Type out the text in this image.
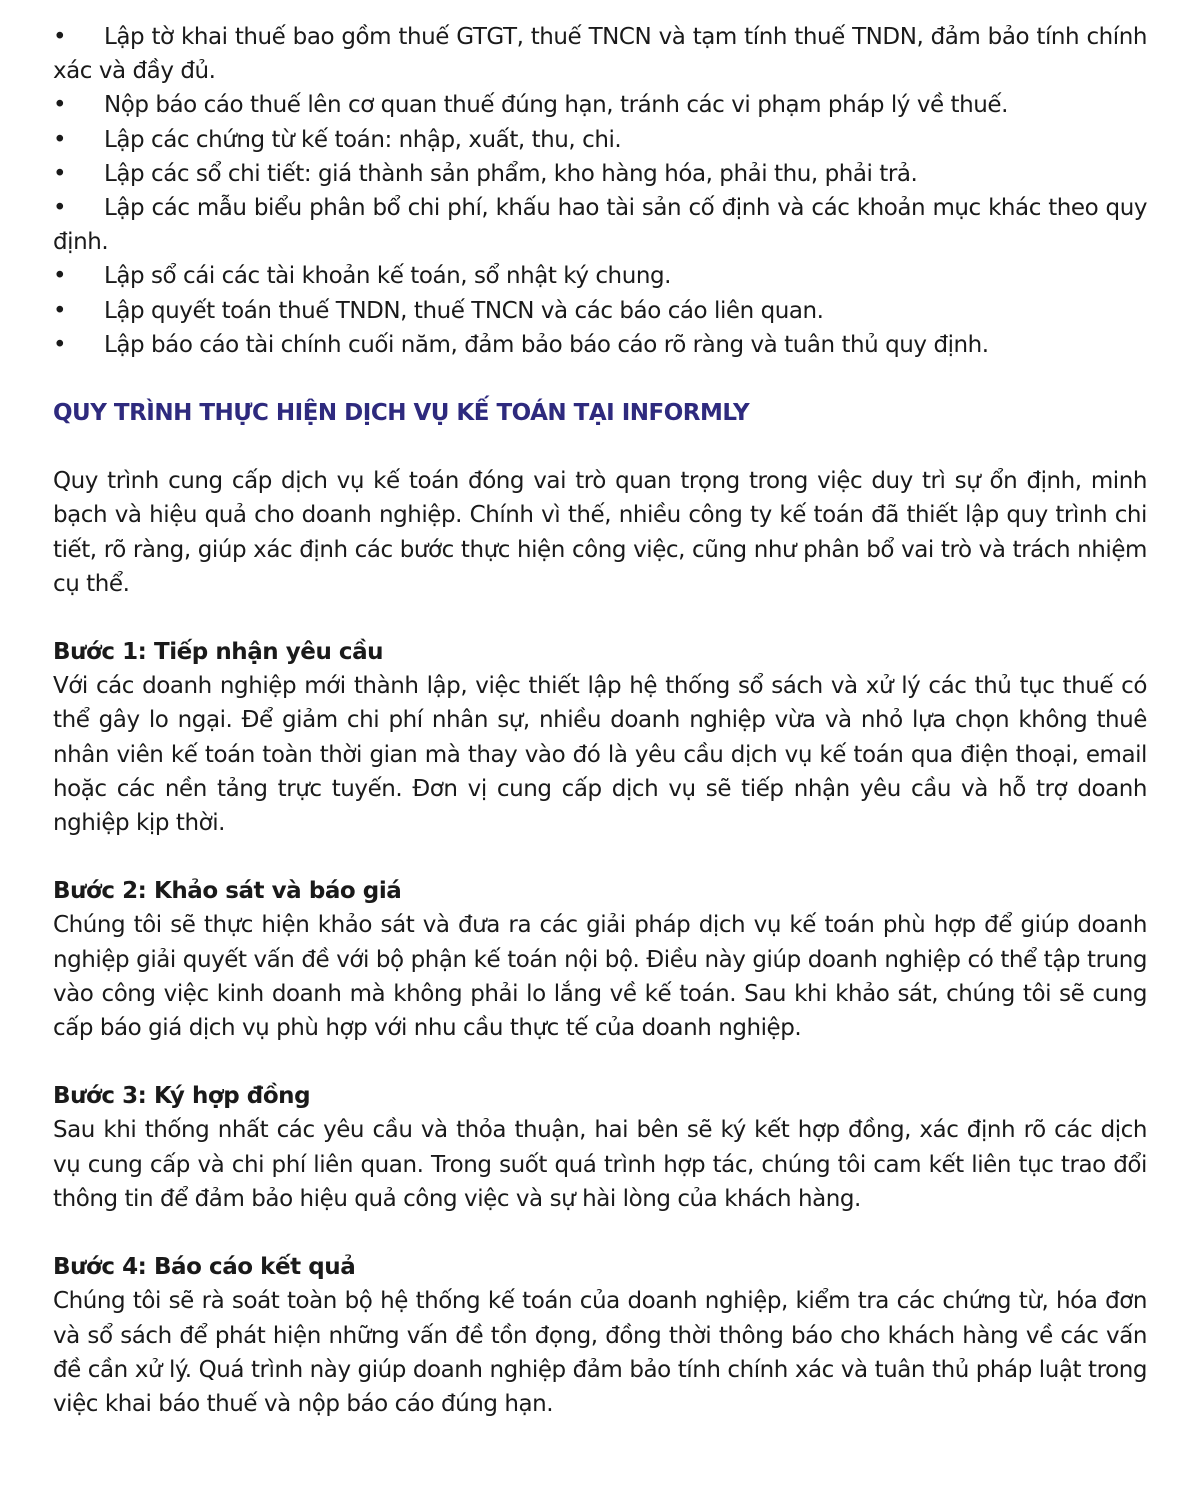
• Lập tờ khai thuế bao gồm thuế GTGT, thuế TNCN và tạm tính thuế TNDN, đảm bảo tính chính xác và đầy đủ.
• Nộp báo cáo thuế lên cơ quan thuế đúng hạn, tránh các vi phạm pháp lý về thuế.
• Lập các chứng từ kế toán: nhập, xuất, thu, chi.
• Lập các sổ chi tiết: giá thành sản phẩm, kho hàng hóa, phải thu, phải trả.
• Lập các mẫu biểu phân bổ chi phí, khấu hao tài sản cố định và các khoản mục khác theo quy định.
• Lập sổ cái các tài khoản kế toán, sổ nhật ký chung.
• Lập quyết toán thuế TNDN, thuế TNCN và các báo cáo liên quan.
• Lập báo cáo tài chính cuối năm, đảm bảo báo cáo rõ ràng và tuân thủ quy định.
QUY TRÌNH THỰC HIỆN DỊCH VỤ KẾ TOÁN TẠI INFORMLY

Quy trình cung cấp dịch vụ kế toán đóng vai trò quan trọng trong việc duy trì sự ổn định, minh bạch và hiệu quả cho doanh nghiệp. Chính vì thế, nhiều công ty kế toán đã thiết lập quy trình chi tiết, rõ ràng, giúp xác định các bước thực hiện công việc, cũng như phân bổ vai trò và trách nhiệm cụ thể.

Bước 1: Tiếp nhận yêu cầu

Với các doanh nghiệp mới thành lập, việc thiết lập hệ thống sổ sách và xử lý các thủ tục thuế có thể gây lo ngại. Để giảm chi phí nhân sự, nhiều doanh nghiệp vừa và nhỏ lựa chọn không thuê nhân viên kế toán toàn thời gian mà thay vào đó là yêu cầu dịch vụ kế toán qua điện thoại, email hoặc các nền tảng trực tuyến. Đơn vị cung cấp dịch vụ sẽ tiếp nhận yêu cầu và hỗ trợ doanh nghiệp kịp thời.

Bước 2: Khảo sát và báo giá

Chúng tôi sẽ thực hiện khảo sát và đưa ra các giải pháp dịch vụ kế toán phù hợp để giúp doanh nghiệp giải quyết vấn đề với bộ phận kế toán nội bộ. Điều này giúp doanh nghiệp có thể tập trung vào công việc kinh doanh mà không phải lo lắng về kế toán. Sau khi khảo sát, chúng tôi sẽ cung cấp báo giá dịch vụ phù hợp với nhu cầu thực tế của doanh nghiệp.

Bước 3: Ký hợp đồng

Sau khi thống nhất các yêu cầu và thỏa thuận, hai bên sẽ ký kết hợp đồng, xác định rõ các dịch vụ cung cấp và chi phí liên quan. Trong suốt quá trình hợp tác, chúng tôi cam kết liên tục trao đổi thông tin để đảm bảo hiệu quả công việc và sự hài lòng của khách hàng.

Bước 4: Báo cáo kết quả

Chúng tôi sẽ rà soát toàn bộ hệ thống kế toán của doanh nghiệp, kiểm tra các chứng từ, hóa đơn và sổ sách để phát hiện những vấn đề tồn đọng, đồng thời thông báo cho khách hàng về các vấn đề cần xử lý. Quá trình này giúp doanh nghiệp đảm bảo tính chính xác và tuân thủ pháp luật trong việc khai báo thuế và nộp báo cáo đúng hạn.
